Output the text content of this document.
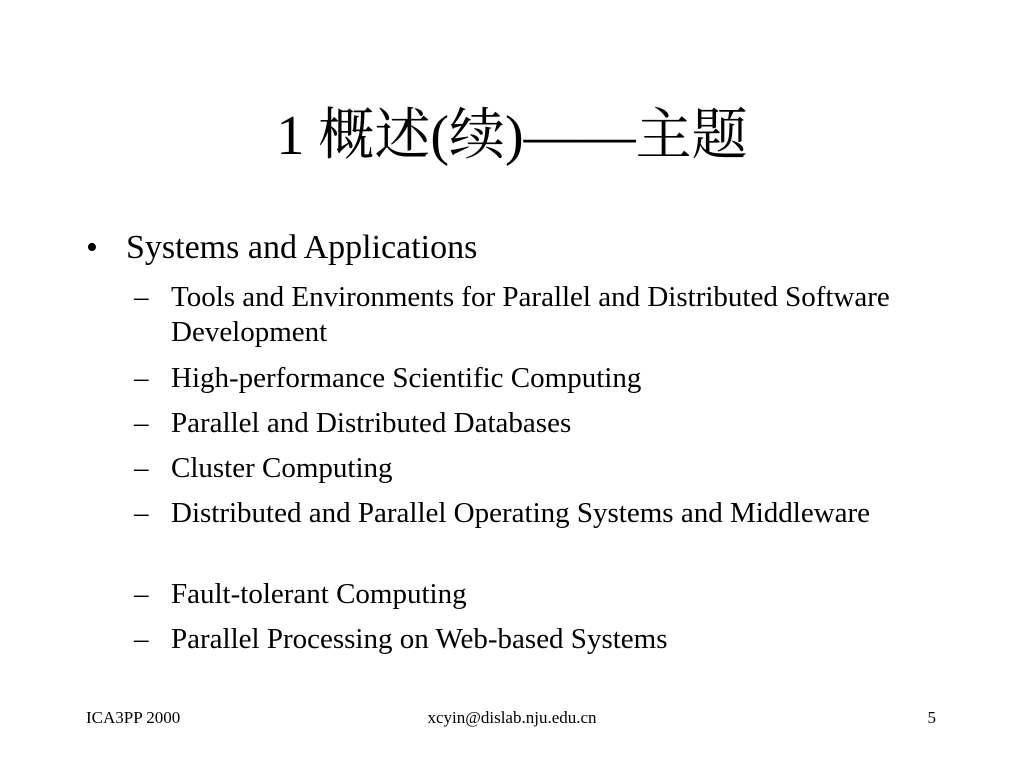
1 概述(续)——主题
• Systems and Applications
– Tools and Environments for Parallel and Distributed Software Development
– High-performance Scientific Computing
– Parallel and Distributed Databases
– Cluster Computing
– Distributed and Parallel Operating Systems and Middleware
– Fault-tolerant Computing
– Parallel Processing on Web-based Systems
ICA3PP 2000	xcyin@dislab.nju.edu.cn	5
